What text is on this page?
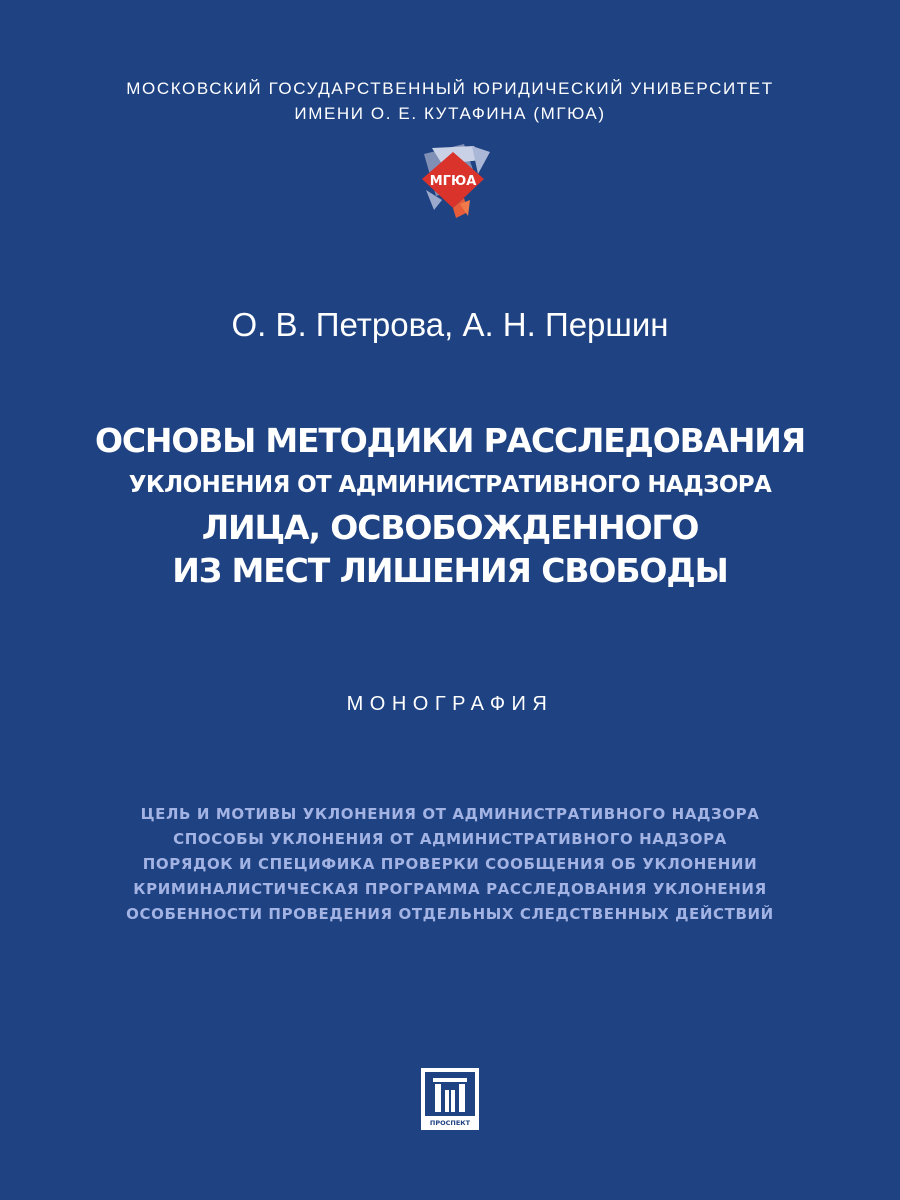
МОСКОВСКИЙ ГОСУДАРСТВЕННЫЙ ЮРИДИЧЕСКИЙ УНИВЕРСИТЕТ
ИМЕНИ О. Е. КУТАФИНА (МГЮА)
МГЮА
О. В. Петрова, А. Н. Першин
ОСНОВЫ МЕТОДИКИ РАССЛЕДОВАНИЯ
УКЛОНЕНИЯ ОТ АДМИНИСТРАТИВНОГО НАДЗОРА
ЛИЦА, ОСВОБОЖДЕННОГО
ИЗ МЕСТ ЛИШЕНИЯ СВОБОДЫ
МОНОГРАФИЯ
ЦЕЛЬ И МОТИВЫ УКЛОНЕНИЯ ОТ АДМИНИСТРАТИВНОГО НАДЗОРА
СПОСОБЫ УКЛОНЕНИЯ ОТ АДМИНИСТРАТИВНОГО НАДЗОРА
ПОРЯДОК И СПЕЦИФИКА ПРОВЕРКИ СООБЩЕНИЯ ОБ УКЛОНЕНИИ
КРИМИНАЛИСТИЧЕСКАЯ ПРОГРАММА РАССЛЕДОВАНИЯ УКЛОНЕНИЯ
ОСОБЕННОСТИ ПРОВЕДЕНИЯ ОТДЕЛЬНЫХ СЛЕДСТВЕННЫХ ДЕЙСТВИЙ
ПРОСПЕКТ
